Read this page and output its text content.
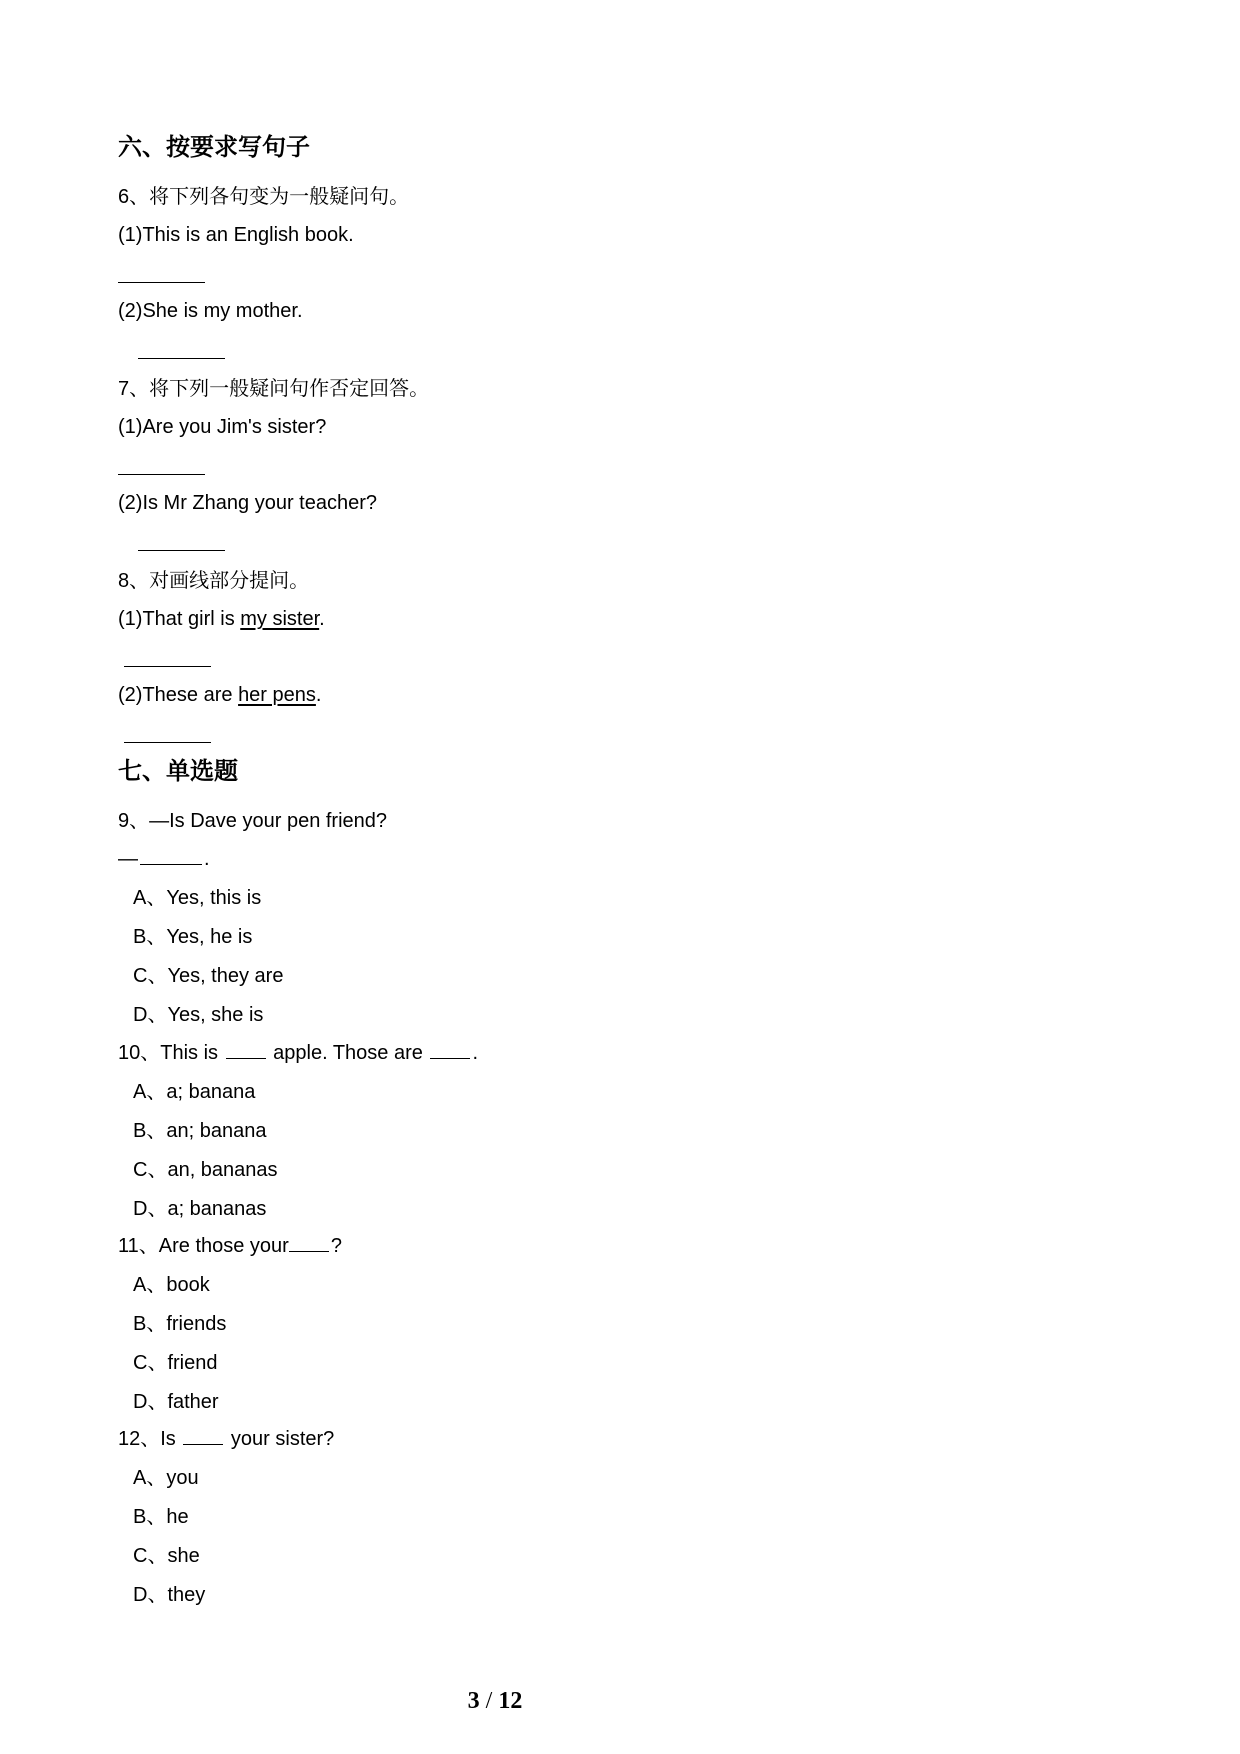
六、按要求写句子
6、将下列各句变为一般疑问句。
(1)This is an English book.
(2)She is my mother.
7、将下列一般疑问句作否定回答。
(1)Are you Jim's sister?
(2)Is Mr Zhang your teacher?
8、对画线部分提问。
(1)That girl is my sister.
(2)These are her pens.
七、单选题
9、—Is Dave your pen friend?
—	.
A、Yes, this is
B、Yes, he is
C、Yes, they are
D、Yes, she is
10、This is  apple. Those are .
A、a; banana
B、an; banana
C、an, bananas
D、a; bananas
11、Are those your ?
A、book
B、friends
C、friend
D、father
12、Is  your sister?
A、you
B、he
C、she
D、they
3 / 12
